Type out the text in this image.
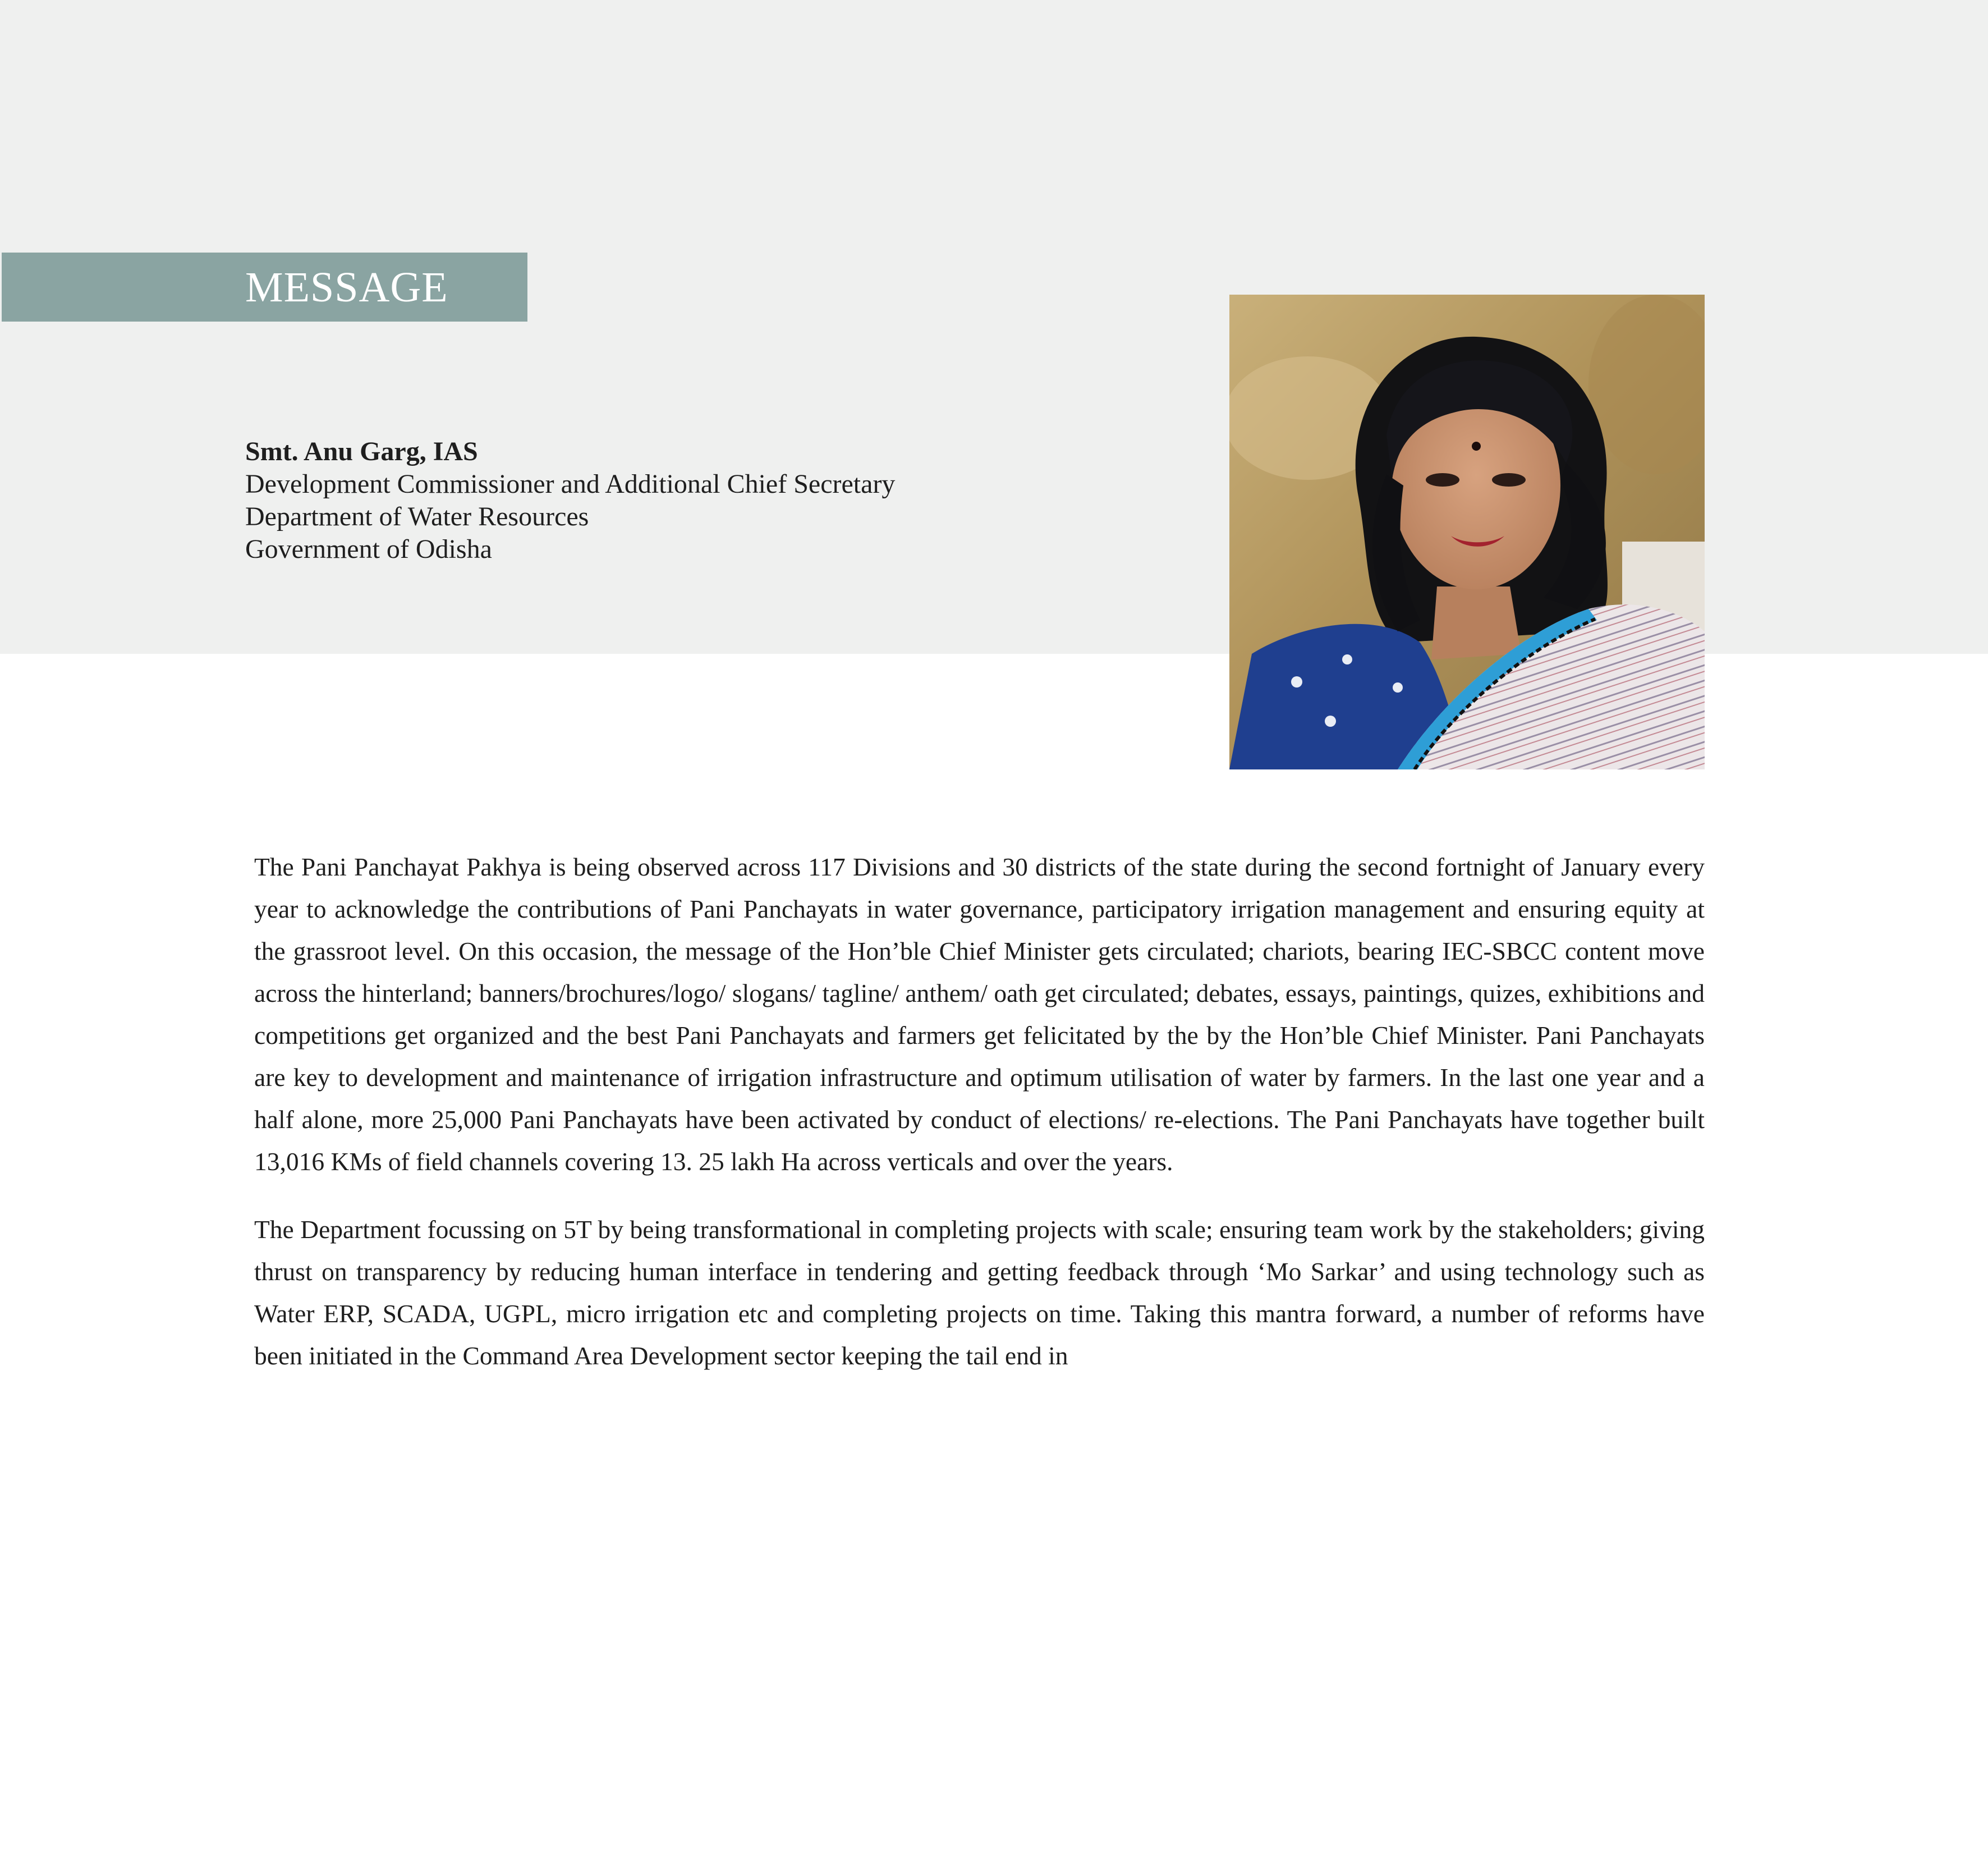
MESSAGE
Smt. Anu Garg, IAS
Development Commissioner and Additional Chief Secretary
Department of Water Resources
Government of Odisha

The Pani Panchayat Pakhya is being observed across 117 Divisions and 30 districts of the state during the second fortnight of January every year to acknowledge the contributions of Pani Panchayats in water governance, participatory irrigation management and ensuring equity at the grassroot level. On this occasion, the message of the Hon’ble Chief Minister gets circulated; chariots, bearing IEC-SBCC content move across the hinterland; banners/brochures/logo/ slogans/ tagline/ anthem/ oath get circulated; debates, essays, paintings, quizes, exhibitions and competitions get organized and the best Pani Panchayats and farmers get felicitated by the by the Hon’ble Chief Minister. Pani Panchayats are key to development and maintenance of irrigation infrastructure and optimum utilisation of water by farmers. In the last one year and a half alone, more 25,000 Pani Panchayats have been activated by conduct of elections/ re-elections. The Pani Panchayats have together built 13,016 KMs of field channels covering 13. 25 lakh Ha across verticals and over the years.

The Department focussing on 5T by being transformational in completing projects with scale; ensuring team work by the stakeholders; giving thrust on transparency by reducing human interface in tendering and getting feedback through ‘Mo Sarkar’ and using technology such as Water ERP, SCADA, UGPL, micro irrigation etc and completing projects on time. Taking this mantra forward, a number of reforms have been initiated in the Command Area Development sector keeping the tail end in
